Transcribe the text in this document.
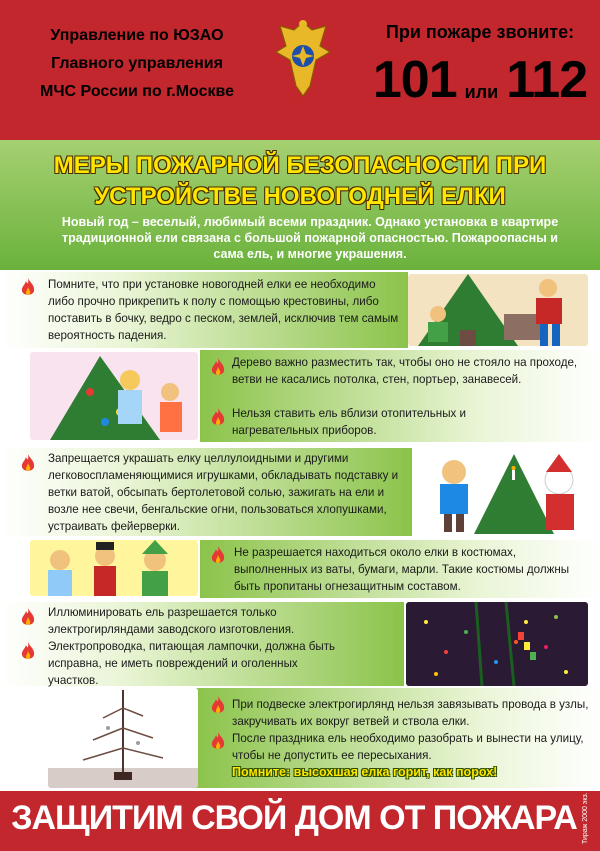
Управление по ЮЗАО
Главного управления
МЧС России по г.Москве
При пожаре звоните:
101 или 112
МЕРЫ ПОЖАРНОЙ БЕЗОПАСНОСТИ ПРИ
УСТРОЙСТВЕ НОВОГОДНЕЙ ЕЛКИ
Новый год – веселый, любимый всеми праздник. Однако установка в квартире традиционной ели связана с большой пожарной опасностью. Пожароопасны и сама ель, и многие украшения.
Помните, что при установке новогодней елки ее необходимо либо прочно прикрепить к полу с помощью крестовины, либо поставить в бочку, ведро с песком, землей, исключив тем самым вероятность падения.
Дерево важно разместить так, чтобы оно не стояло на проходе, ветви не касались потолка, стен, портьер, занавесей.
Нельзя ставить ель вблизи отопительных и нагревательных приборов.
Запрещается украшать елку целлулоидными и другими легковоспламеняющимися игрушками, обкладывать подставку и ветки ватой, обсыпать бертолетовой солью, зажигать на ели и возле нее свечи, бенгальские огни, пользоваться хлопушками, устраивать фейерверки.
Не разрешается находиться около елки в костюмах, выполненных из ваты, бумаги, марли. Такие костюмы должны быть пропитаны огнезащитным составом.
Иллюминировать ель разрешается только электрогирляндами заводского изготовления.
Электропроводка, питающая лампочки, должна быть исправна, не иметь повреждений и оголенных участков.
При подвеске электрогирлянд нельзя завязывать провода в узлы, закручивать их вокруг ветвей и ствола елки.
После праздника ель необходимо разобрать и вынести на улицу, чтобы не допустить ее пересыхания.
Помните: высохшая елка горит, как порох!
ЗАЩИТИМ СВОЙ ДОМ ОТ ПОЖАРА Тираж 2000 экз.
